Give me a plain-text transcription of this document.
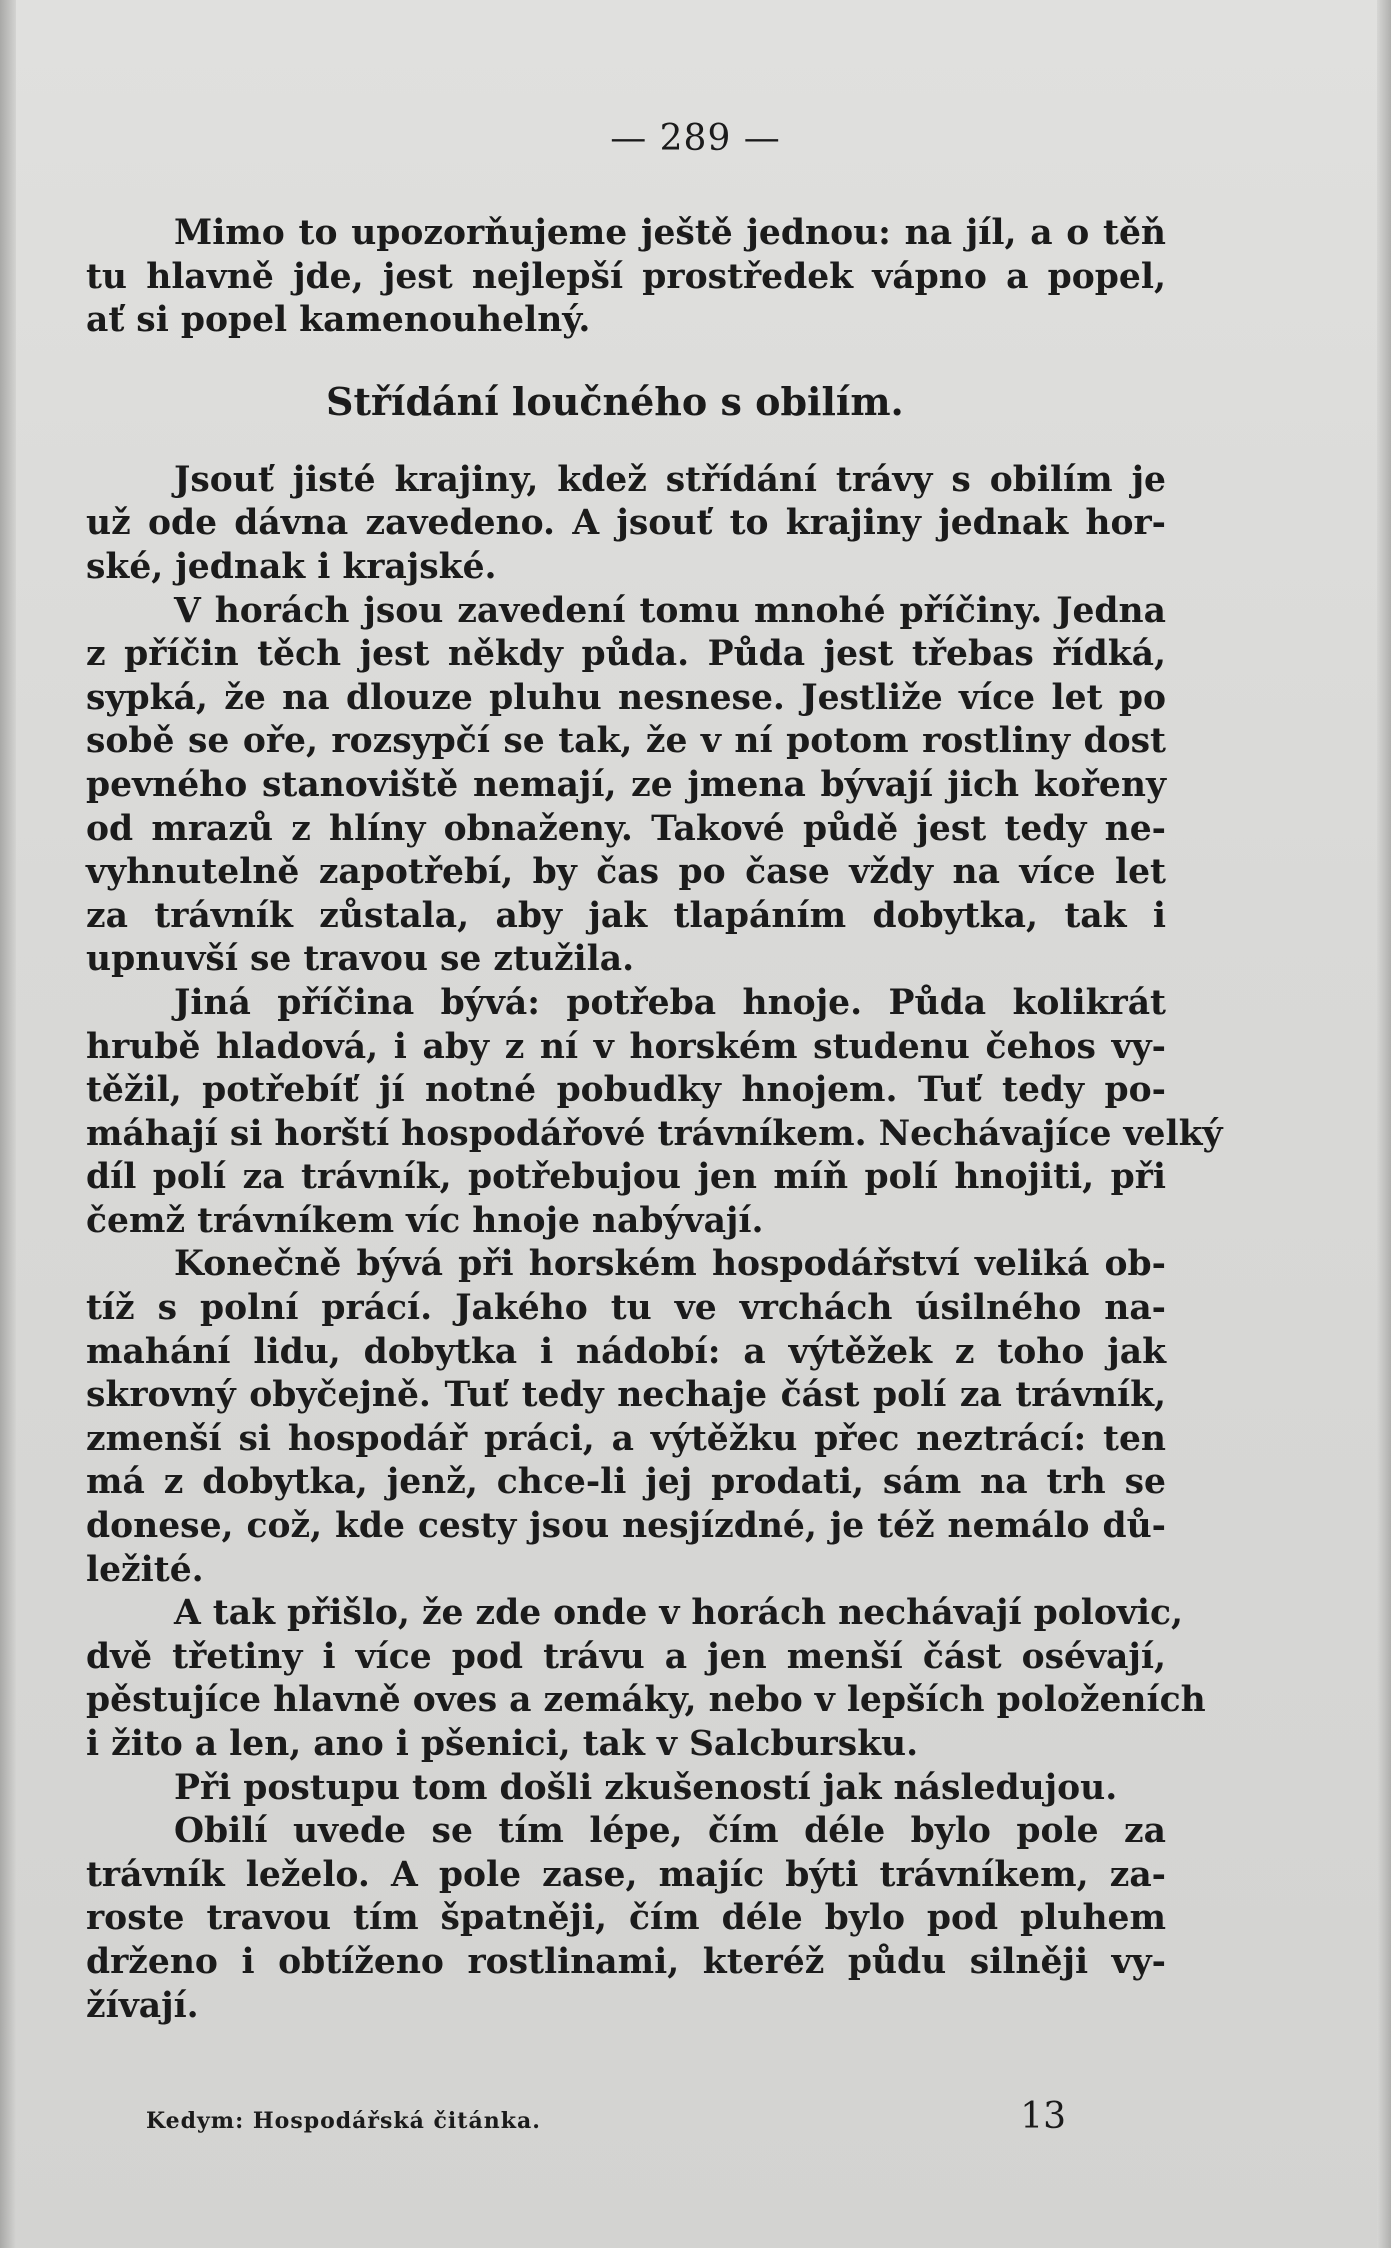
— 289 —
Mimo to upozorňujeme ještě jednou: na jíl, a o těň
tu hlavně jde, jest nejlepší prostředek vápno a popel,
ať si popel kamenouhelný.
Střídání loučného s obilím.
Jsouť jisté krajiny, kdež střídání trávy s obilím je
už ode dávna zavedeno. A jsouť to krajiny jednak hor-
ské, jednak i krajské.
V horách jsou zavedení tomu mnohé příčiny. Jedna
z příčin těch jest někdy půda. Půda jest třebas řídká,
sypká, že na dlouze pluhu nesnese. Jestliže více let po
sobě se oře, rozsypčí se tak, že v ní potom rostliny dost
pevného stanoviště nemají, ze jmena bývají jich kořeny
od mrazů z hlíny obnaženy. Takové půdě jest tedy ne-
vyhnutelně zapotřebí, by čas po čase vždy na více let
za trávník zůstala, aby jak tlapáním dobytka, tak i
upnuvší se travou se ztužila.
Jiná příčina bývá: potřeba hnoje. Půda kolikrát
hrubě hladová, i aby z ní v horském studenu čehos vy-
těžil, potřebíť jí notné pobudky hnojem. Tuť tedy po-
máhají si horští hospodářové trávníkem. Nechávajíce velký
díl polí za trávník, potřebujou jen míň polí hnojiti, při
čemž trávníkem víc hnoje nabývají.
Konečně bývá při horském hospodářství veliká ob-
tíž s polní prácí. Jakého tu ve vrchách úsilného na-
mahání lidu, dobytka i nádobí: a výtěžek z toho jak
skrovný obyčejně. Tuť tedy nechaje část polí za trávník,
zmenší si hospodář práci, a výtěžku přec neztrácí: ten
má z dobytka, jenž, chce-li jej prodati, sám na trh se
donese, což, kde cesty jsou nesjízdné, je též nemálo dů-
ležité.
A tak přišlo, že zde onde v horách nechávají polovic,
dvě třetiny i více pod trávu a jen menší část osévají,
pěstujíce hlavně oves a zemáky, nebo v lepších položeních
i žito a len, ano i pšenici, tak v Salcbursku.
Při postupu tom došli zkušeností jak následujou.
Obilí uvede se tím lépe, čím déle bylo pole za
trávník leželo. A pole zase, majíc býti trávníkem, za-
roste travou tím špatněji, čím déle bylo pod pluhem
drženo i obtíženo rostlinami, kteréž půdu silněji vy-
žívají.
Kedym: Hospodářská čitánka.	13
